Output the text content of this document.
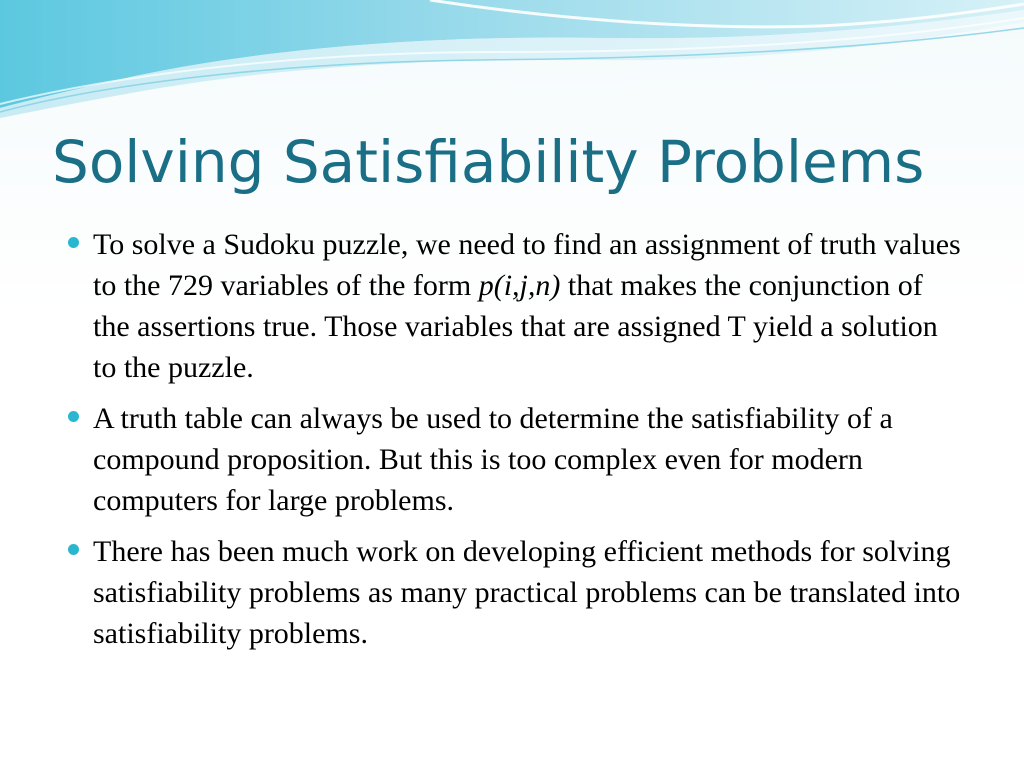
Solving Satisfiability Problems
To solve a Sudoku puzzle, we need to find an assignment of truth values to the 729 variables of the form p(i,j,n) that makes the conjunction of the assertions true. Those variables that are assigned T yield a solution to the puzzle.
A truth table can always be used to determine the satisfiability of a compound proposition. But this is too complex even for modern computers for large problems.
There has been much work on developing efficient methods for solving satisfiability problems as many practical problems can be translated into satisfiability problems.
